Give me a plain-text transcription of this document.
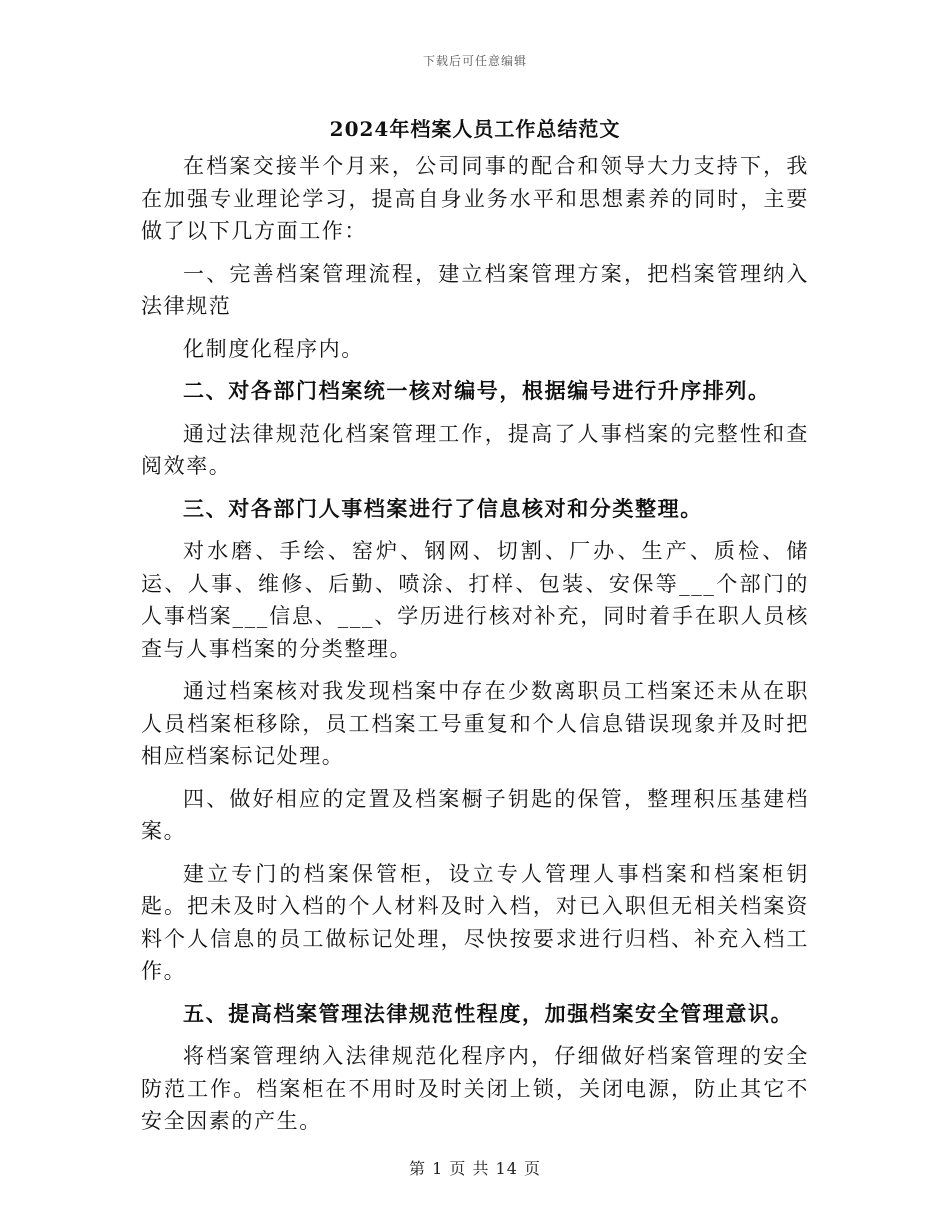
下载后可任意编辑
2024年档案人员工作总结范文

在档案交接半个月来，公司同事的配合和领导大力支持下，我在加强专业理论学习，提高自身业务水平和思想素养的同时，主要做了以下几方面工作：

一、完善档案管理流程，建立档案管理方案，把档案管理纳入法律规范

化制度化程序内。

二、对各部门档案统一核对编号，根据编号进行升序排列。

通过法律规范化档案管理工作，提高了人事档案的完整性和查阅效率。

三、对各部门人事档案进行了信息核对和分类整理。

对水磨、手绘、窑炉、钢网、切割、厂办、生产、质检、储运、人事、维修、后勤、喷涂、打样、包装、安保等___个部门的人事档案___信息、___、学历进行核对补充，同时着手在职人员核查与人事档案的分类整理。

通过档案核对我发现档案中存在少数离职员工档案还未从在职人员档案柜移除，员工档案工号重复和个人信息错误现象并及时把相应档案标记处理。

四、做好相应的定置及档案橱子钥匙的保管，整理积压基建档案。

建立专门的档案保管柜，设立专人管理人事档案和档案柜钥匙。把未及时入档的个人材料及时入档，对已入职但无相关档案资料个人信息的员工做标记处理，尽快按要求进行归档、补充入档工作。

五、提高档案管理法律规范性程度，加强档案安全管理意识。

将档案管理纳入法律规范化程序内，仔细做好档案管理的安全防范工作。档案柜在不用时及时关闭上锁，关闭电源，防止其它不安全因素的产生。

第 1 页 共 14 页
